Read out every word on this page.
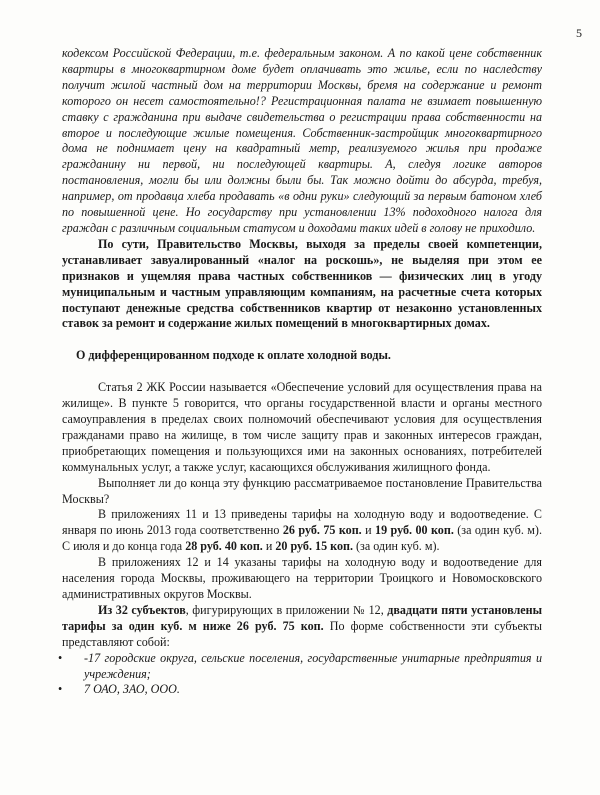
5

кодексом Российской Федерации, т.е. федеральным законом. А по какой цене собственник квартиры в многоквартирном доме будет оплачивать это жилье, если по наследству получит жилой частный дом на территории Москвы, бремя на содержание и ремонт которого он несет самостоятельно!? Регистрационная палата не взимает повышенную ставку с гражданина при выдаче свидетельства о регистрации права собственности на второе и последующие жилые помещения. Собственник-застройщик многоквартирного дома не поднимает цену на квадратный метр, реализуемого жилья при продаже гражданину ни первой, ни последующей квартиры. А, следуя логике авторов постановления, могли бы или должны были бы. Так можно дойти до абсурда, требуя, например, от продавца хлеба продавать «в одни руки» следующий за первым батоном хлеб по повышенной цене. Но государству при установлении 13% подоходного налога для граждан с различным социальным статусом и доходами таких идей в голову не приходило.

По сути, Правительство Москвы, выходя за пределы своей компетенции, устанавливает завуалированный «налог на роскошь», не выделяя при этом ее признаков и ущемляя права частных собственников — физических лиц в угоду муниципальным и частным управляющим компаниям, на расчетные счета которых поступают денежные средства собственников квартир от незаконно установленных ставок за ремонт и содержание жилых помещений в многоквартирных домах.

О дифференцированном подходе к оплате холодной воды.

Статья 2 ЖК России называется «Обеспечение условий для осуществления права на жилище». В пункте 5 говорится, что органы государственной власти и органы местного самоуправления в пределах своих полномочий обеспечивают условия для осуществления гражданами право на жилище, в том числе защиту прав и законных интересов граждан, приобретающих помещения и пользующихся ими на законных основаниях, потребителей коммунальных услуг, а также услуг, касающихся обслуживания жилищного фонда.

Выполняет ли до конца эту функцию рассматриваемое постановление Правительства Москвы?

В приложениях 11 и 13 приведены тарифы на холодную воду и водоотведение. С января по июнь 2013 года соответственно 26 руб. 75 коп. и 19 руб. 00 коп. (за один куб. м). С июля и до конца года 28 руб. 40 коп. и 20 руб. 15 коп. (за один куб. м).

В приложениях 12 и 14 указаны тарифы на холодную воду и водоотведение для населения города Москвы, проживающего на территории Троицкого и Новомосковского административных округов Москвы.

Из 32 субъектов, фигурирующих в приложении № 12, двадцати пяти установлены тарифы за один куб. м ниже 26 руб. 75 коп. По форме собственности эти субъекты представляют собой:

• -17 городские округа, сельские поселения, государственные унитарные предприятия и учреждения;

• 7 ОАО, ЗАО, ООО.
